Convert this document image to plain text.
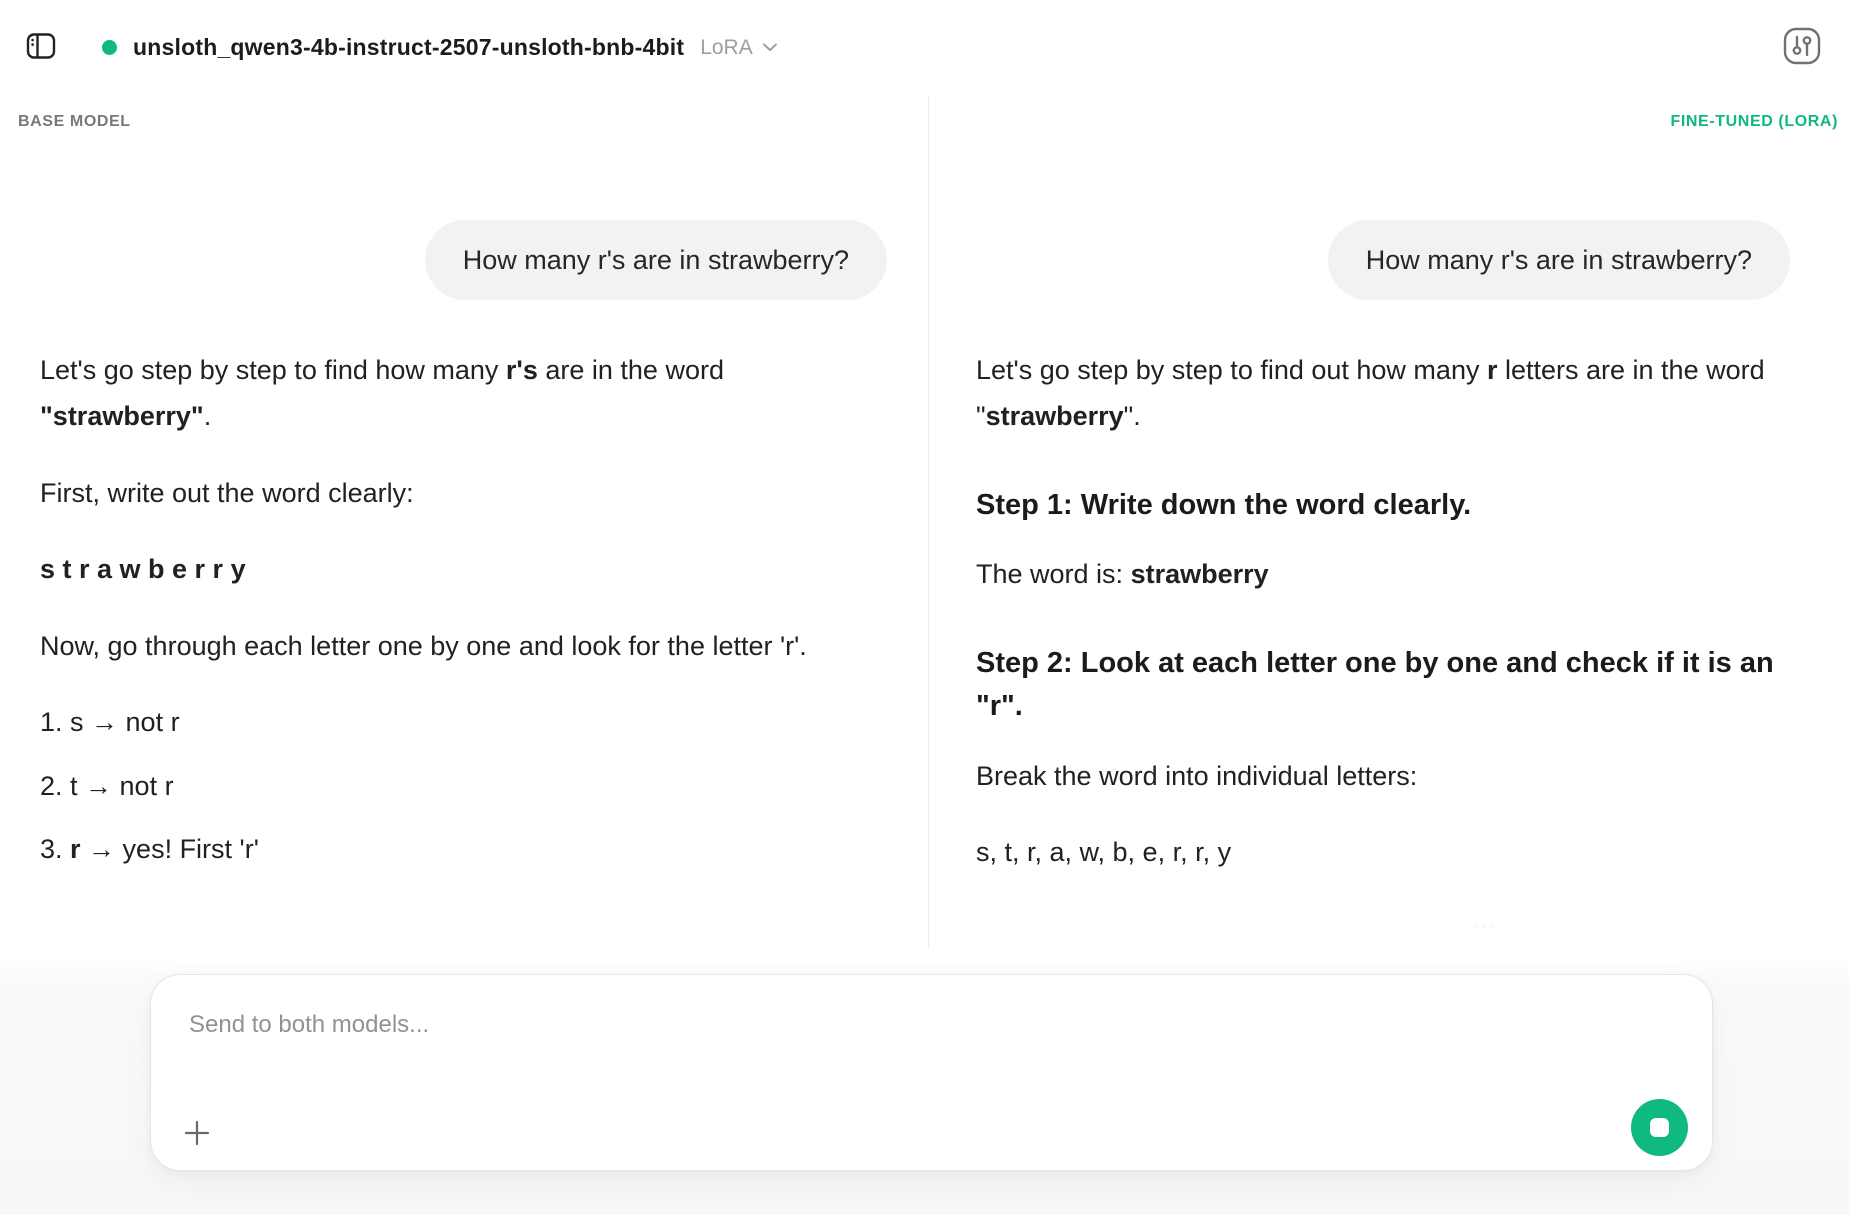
unsloth_qwen3-4b-instruct-2507-unsloth-bnb-4bit LoRA
BASE MODEL
How many r's are in strawberry?

Let's go step by step to find how many r's are in the word "strawberry".

First, write out the word clearly:

s t r a w b e r r y

Now, go through each letter one by one and look for the letter 'r'.

1. s → not r
2. t → not r
3. r → yes! First 'r'
FINE-TUNED (LORA)
How many r's are in strawberry?

Let's go step by step to find out how many r letters are in the word "strawberry".

Step 1: Write down the word clearly.

The word is: strawberry

Step 2: Look at each letter one by one and check if it is an "r".

Break the word into individual letters:

s, t, r, a, w, b, e, r, r, y

···
Send to both models...
